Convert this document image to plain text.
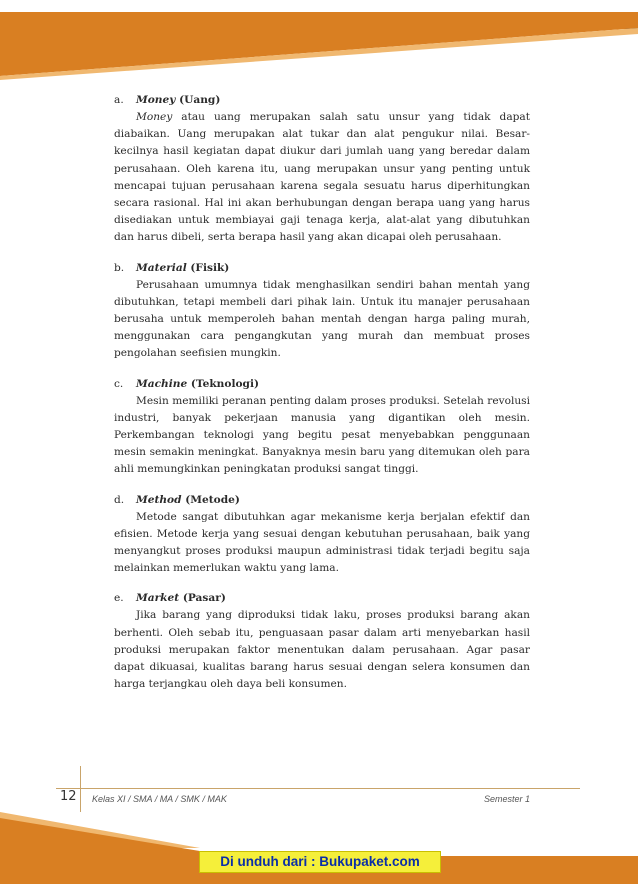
a. Money (Uang)

Money atau uang merupakan salah satu unsur yang tidak dapat diabaikan. Uang merupakan alat tukar dan alat pengukur nilai. Besar-kecilnya hasil kegiatan dapat diukur dari jumlah uang yang beredar dalam perusahaan. Oleh karena itu, uang merupakan unsur yang penting untuk mencapai tujuan perusahaan karena segala sesuatu harus diperhitungkan secara rasional. Hal ini akan berhubungan dengan berapa uang yang harus disediakan untuk membiayai gaji tenaga kerja, alat-alat yang dibutuhkan dan harus dibeli, serta berapa hasil yang akan dicapai oleh perusahaan.

b. Material (Fisik)

Perusahaan umumnya tidak menghasilkan sendiri bahan mentah yang dibutuhkan, tetapi membeli dari pihak lain. Untuk itu manajer perusahaan berusaha untuk memperoleh bahan mentah dengan harga paling murah, menggunakan cara pengangkutan yang murah dan membuat proses pengolahan seefisien mungkin.

c. Machine (Teknologi)

Mesin memiliki peranan penting dalam proses produksi. Setelah revolusi industri, banyak pekerjaan manusia yang digantikan oleh mesin. Perkembangan teknologi yang begitu pesat menyebabkan penggunaan mesin semakin meningkat. Banyaknya mesin baru yang ditemukan oleh para ahli memungkinkan peningkatan produksi sangat tinggi.

d. Method (Metode)

Metode sangat dibutuhkan agar mekanisme kerja berjalan efektif dan efisien. Metode kerja yang sesuai dengan kebutuhan perusahaan, baik yang menyangkut proses produksi maupun administrasi tidak terjadi begitu saja melainkan memerlukan waktu yang lama.

e. Market (Pasar)

Jika barang yang diproduksi tidak laku, proses produksi barang akan berhenti. Oleh sebab itu, penguasaan pasar dalam arti menyebarkan hasil produksi merupakan faktor menentukan dalam perusahaan. Agar pasar dapat dikuasai, kualitas barang harus sesuai dengan selera konsumen dan harga terjangkau oleh daya beli konsumen.

12 Kelas XI / SMA / MA / SMK / MAK	Semester 1
Di unduh dari : Bukupaket.com
